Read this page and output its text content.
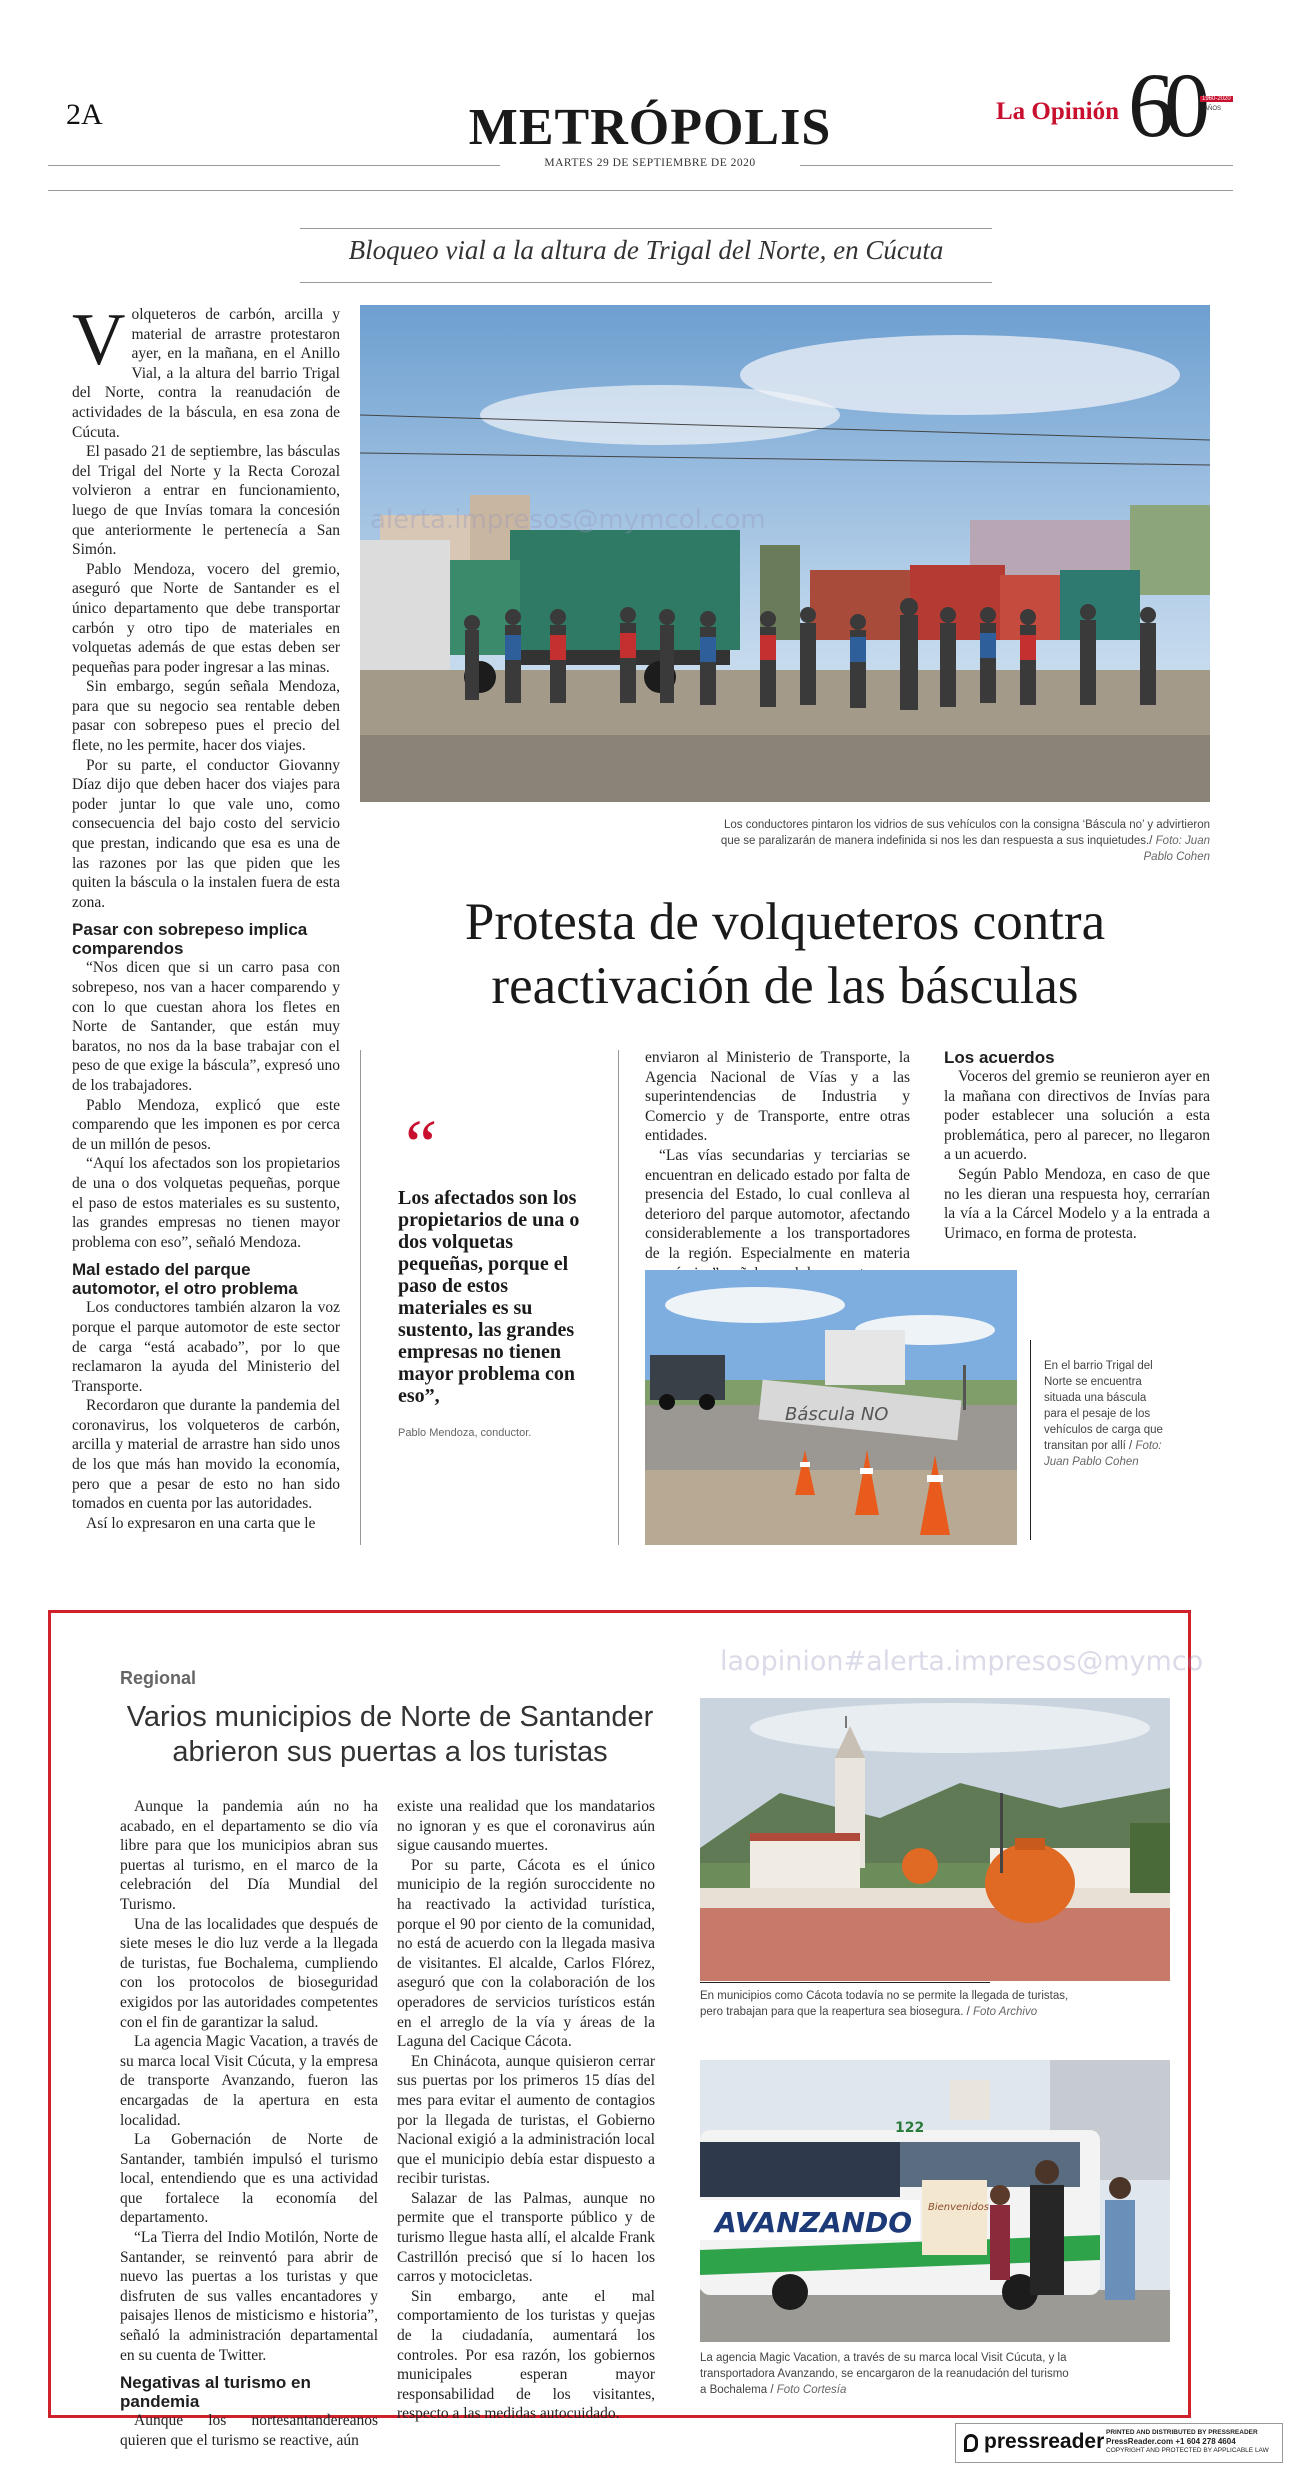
2A	METRÓPOLIS
MARTES 29 DE SEPTIEMBRE DE 2020
La Opinión 60 1960-2020
AÑOS
Bloqueo vial a la altura de Trigal del Norte, en Cúcuta
V olqueteros de carbón, arcilla y material de arrastre protestaron ayer, en la mañana, en el Anillo Vial, a la altura del barrio Trigal del Norte, contra la reanudación de actividades de la báscula, en esa zona de Cúcuta.

El pasado 21 de septiembre, las básculas del Trigal del Norte y la Recta Corozal volvieron a entrar en funcionamiento, luego de que Invías tomara la concesión que anteriormente le pertenecía a San Simón.

Pablo Mendoza, vocero del gremio, aseguró que Norte de Santander es el único departamento que debe transportar carbón y otro tipo de materiales en volquetas además de que estas deben ser pequeñas para poder ingresar a las minas.

Sin embargo, según señala Mendoza, para que su negocio sea rentable deben pasar con sobrepeso pues el precio del flete, no les permite, hacer dos viajes.

Por su parte, el conductor Giovanny Díaz dijo que deben hacer dos viajes para poder juntar lo que vale uno, como consecuencia del bajo costo del servicio que prestan, indicando que esa es una de las razones por las que piden que les quiten la báscula o la instalen fuera de esta zona.

Pasar con sobrepeso implica comparendos

“Nos dicen que si un carro pasa con sobrepeso, nos van a hacer comparendo y con lo que cuestan ahora los fletes en Norte de Santander, que están muy baratos, no nos da la base trabajar con el peso de que exige la báscula”, expresó uno de los trabajadores.

Pablo Mendoza, explicó que este comparendo que les imponen es por cerca de un millón de pesos.

“Aquí los afectados son los propietarios de una o dos volquetas pequeñas, porque el paso de estos materiales es su sustento, las grandes empresas no tienen mayor problema con eso”, señaló Mendoza.

Mal estado del parque automotor, el otro problema

Los conductores también alzaron la voz porque el parque automotor de este sector de carga “está acabado”, por lo que reclamaron la ayuda del Ministerio del Transporte.

Recordaron que durante la pandemia del coronavirus, los volqueteros de carbón, arcilla y material de arrastre han sido unos de los que más han movido la economía, pero que a pesar de esto no han sido tomados en cuenta por las autoridades.

Así lo expresaron en una carta que le

alerta.impresos@mymcol.com
Los conductores pintaron los vidrios de sus vehículos con la consigna ‘Báscula no’ y advirtieron que se paralizarán de manera indefinida si nos les dan respuesta a sus inquietudes./ Foto: Juan Pablo Cohen
Protesta de volqueteros contra
reactivación de las básculas
“
Los afectados son los propietarios de una o dos volquetas pequeñas, porque el paso de estos materiales es su sustento, las grandes empresas no tienen mayor problema con eso”,
Pablo Mendoza, conductor.

enviaron al Ministerio de Transporte, la Agencia Nacional de Vías y a las superintendencias de Industria y Comercio y de Transporte, entre otras entidades.

“Las vías secundarias y terciarias se encuentran en delicado estado por falta de presencia del Estado, lo cual conlleva al deterioro del parque automotor, afectando considerablemente a los transportadores de la región. Especialmente en materia

Los acuerdos

Voceros del gremio se reunieron ayer en la mañana con directivos de Invías para poder establecer una solución a esta problemática, pero al parecer, no llegaron a un acuerdo.

Según Pablo Mendoza, en caso de que no les dieran una respuesta hoy, cerrarían la vía a la Cárcel Modelo y a la entrada a Urimaco, en forma de protesta.

Báscula NO
En el barrio Trigal del Norte se encuentra situada una báscula para el pesaje de los vehículos de carga que transitan por allí / Foto: Juan Pablo Cohen
Regional
laopinion#alerta.impresos@mymco
Varios municipios de Norte de Santander
abrieron sus puertas a los turistas

Aunque la pandemia aún no ha acabado, en el departamento se dio vía libre para que los municipios abran sus puertas al turismo, en el marco de la celebración del Día Mundial del Turismo.

Una de las localidades que después de siete meses le dio luz verde a la llegada de turistas, fue Bochalema, cumpliendo con los protocolos de bioseguridad exigidos por las autoridades competentes con el fin de garantizar la salud.

La agencia Magic Vacation, a través de su marca local Visit Cúcuta, y la empresa de transporte Avanzando, fueron las encargadas de la apertura en esta localidad.

La Gobernación de Norte de Santander, también impulsó el turismo local, entendiendo que es una actividad que fortalece la economía del departamento.

“La Tierra del Indio Motilón, Norte de Santander, se reinventó para abrir de nuevo las puertas a los turistas y que disfruten de sus valles encantadores y paisajes llenos de misticismo e historia”, señaló la administración departamental en su cuenta de Twitter.

Negativas al turismo en pandemia

Aunque los nortesantandereanos quieren que el turismo se reactive, aún

existe una realidad que los mandatarios no ignoran y es que el coronavirus aún sigue causando muertes.

Por su parte, Cácota es el único municipio de la región suroccidente no ha reactivado la actividad turística, porque el 90 por ciento de la comunidad, no está de acuerdo con la llegada masiva de visitantes. El alcalde, Carlos Flórez, aseguró que con la colaboración de los operadores de servicios turísticos están en el arreglo de la vía y áreas de la Laguna del Cacique Cácota.

En Chinácota, aunque quisieron cerrar sus puertas por los primeros 15 días del mes para evitar el aumento de contagios por la llegada de turistas, el Gobierno Nacional exigió a la administración local que el municipio debía estar dispuesto a recibir turistas.

Salazar de las Palmas, aunque no permite que el transporte público y de turismo llegue hasta allí, el alcalde Frank Castrillón precisó que sí lo hacen los carros y motocicletas.

Sin embargo, ante el mal comportamiento de los turistas y quejas de la ciudadanía, aumentará los controles. Por esa razón, los gobiernos municipales esperan mayor responsabilidad de los visitantes, respecto a las medidas autocuidado.

En municipios como Cácota todavía no se permite la llegada de turistas, pero trabajan para que la reapertura sea biosegura. / Foto Archivo
AVANZANDO
122
Bienvenidos
La agencia Magic Vacation, a través de su marca local Visit Cúcuta, y la transportadora Avanzando, se encargaron de la reanudación del turismo a Bochalema / Foto Cortesía
pressreader PRINTED AND DISTRIBUTED BY PRESSREADER
PressReader.com +1 604 278 4604
COPYRIGHT AND PROTECTED BY APPLICABLE LAW
